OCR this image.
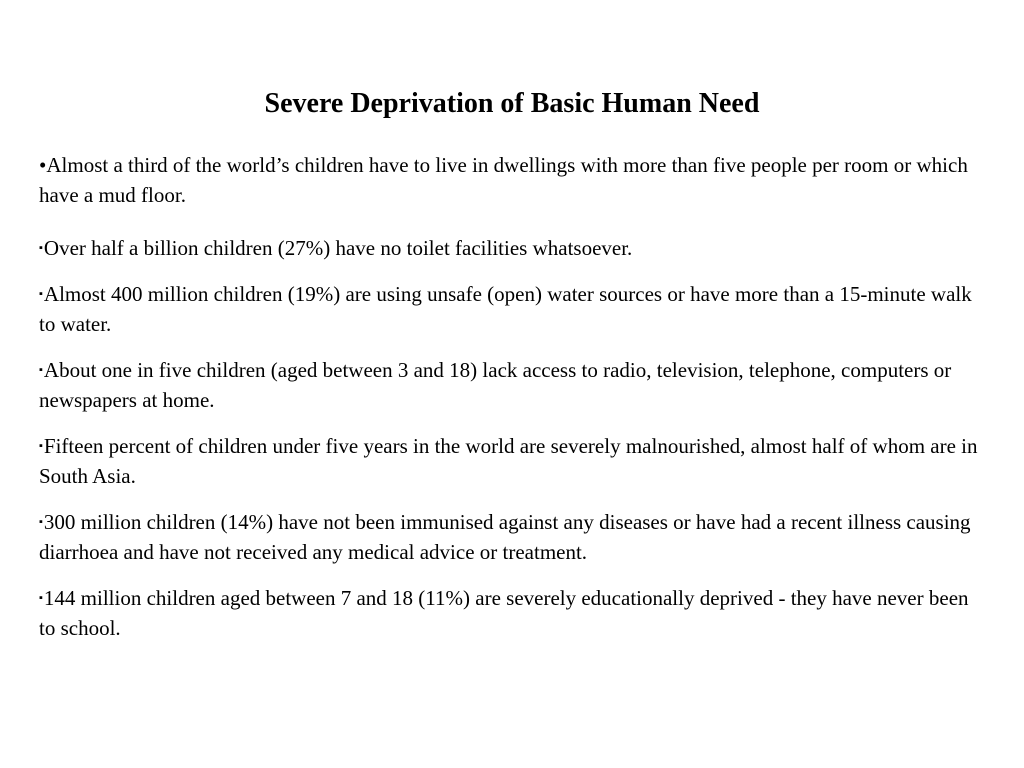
Severe Deprivation of Basic Human Need

•Almost a third of the world’s children have to live in dwellings with more than five people per room or which have a mud floor.

▪Over half a billion children (27%) have no toilet facilities whatsoever.
▪Almost 400 million children (19%) are using unsafe (open) water sources or have more than a 15-minute walk to water.
▪About one in five children (aged between 3 and 18) lack access to radio, television, telephone, computers or newspapers at home.
▪Fifteen percent of children under five years in the world are severely malnourished, almost half of whom are in South Asia.
▪300 million children (14%) have not been immunised against any diseases or have had a recent illness causing diarrhoea and have not received any medical advice or treatment.
▪144 million children aged between 7 and 18 (11%) are severely educationally deprived - they have never been to school.
